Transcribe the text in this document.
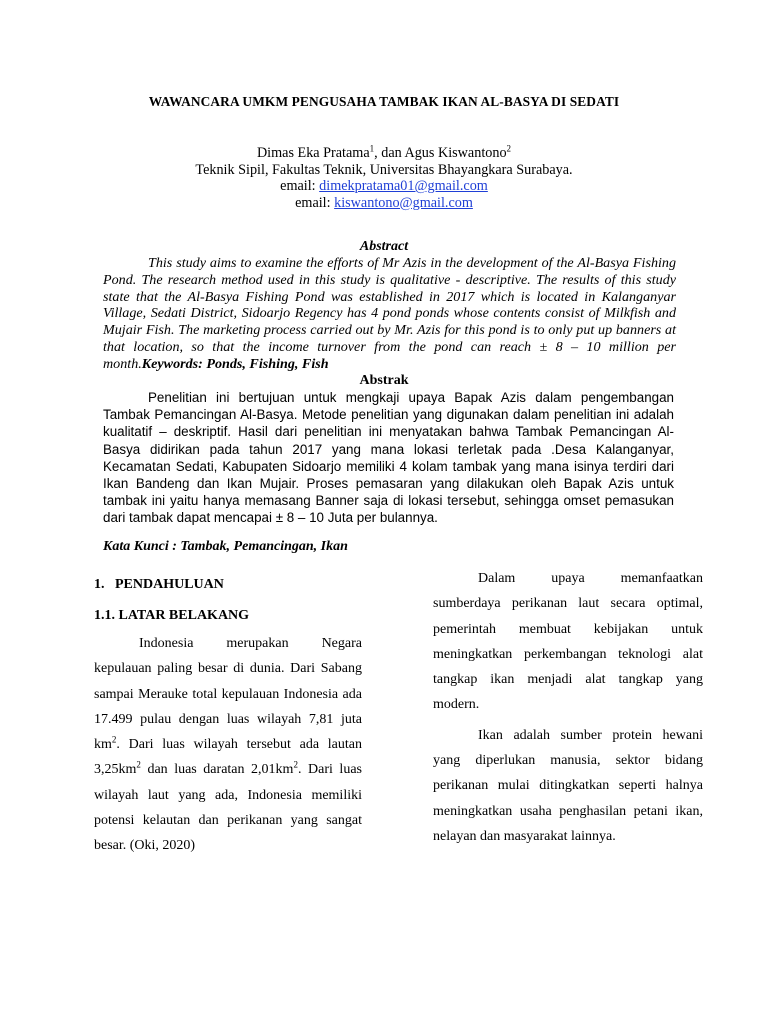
WAWANCARA UMKM PENGUSAHA TAMBAK IKAN AL-BASYA DI SEDATI
Dimas Eka Pratama$^1$, dan Agus Kiswantono$^2$
Teknik Sipil, Fakultas Teknik, Universitas Bhayangkara Surabaya.
email: dimekpratama01@gmail.com
email: kiswantono@gmail.com
Abstract

This study aims to examine the efforts of Mr Azis in the development of the Al-Basya Fishing Pond. The research method used in this study is qualitative - descriptive. The results of this study state that the Al-Basya Fishing Pond was established in 2017 which is located in Kalanganyar Village, Sedati District, Sidoarjo Regency has 4 pond ponds whose contents consist of Milkfish and Mujair Fish. The marketing process carried out by Mr. Azis for this pond is to only put up banners at that location, so that the income turnover from the pond can reach ± 8 – 10 million per month.Keywords: Ponds, Fishing, Fish

Abstrak

Penelitian ini bertujuan untuk mengkaji upaya Bapak Azis dalam pengembangan Tambak Pemancingan Al-Basya. Metode penelitian yang digunakan dalam penelitian ini adalah kualitatif – deskriptif. Hasil dari penelitian ini menyatakan bahwa Tambak Pemancingan Al-Basya didirikan pada tahun 2017 yang mana lokasi terletak pada .Desa Kalanganyar, Kecamatan Sedati, Kabupaten Sidoarjo memiliki 4 kolam tambak yang mana isinya terdiri dari Ikan Bandeng dan Ikan Mujair. Proses pemasaran yang dilakukan oleh Bapak Azis untuk tambak ini yaitu hanya memasang Banner saja di lokasi tersebut, sehingga omset pemasukan dari tambak dapat mencapai ± 8 – 10 Juta per bulannya.

Kata Kunci : Tambak, Pemancingan, Ikan
1.   PENDAHULUAN
1.1. LATAR BELAKANG

Indonesia merupakan Negara kepulauan paling besar di dunia. Dari Sabang sampai Merauke total kepulauan Indonesia ada 17.499 pulau dengan luas wilayah 7,81 juta $km^2$. Dari luas wilayah tersebut ada lautan $3,25km^2$ dan luas daratan $2,01km^2$. Dari luas wilayah laut yang ada, Indonesia memiliki potensi kelautan dan perikanan yang sangat besar. (Oki, 2020)

Dalam upaya memanfaatkan sumberdaya perikanan laut secara optimal, pemerintah membuat kebijakan untuk meningkatkan perkembangan teknologi alat tangkap ikan menjadi alat tangkap yang modern.

Ikan adalah sumber protein hewani yang diperlukan manusia, sektor bidang perikanan mulai ditingkatkan seperti halnya meningkatkan usaha penghasilan petani ikan, nelayan dan masyarakat lainnya.
